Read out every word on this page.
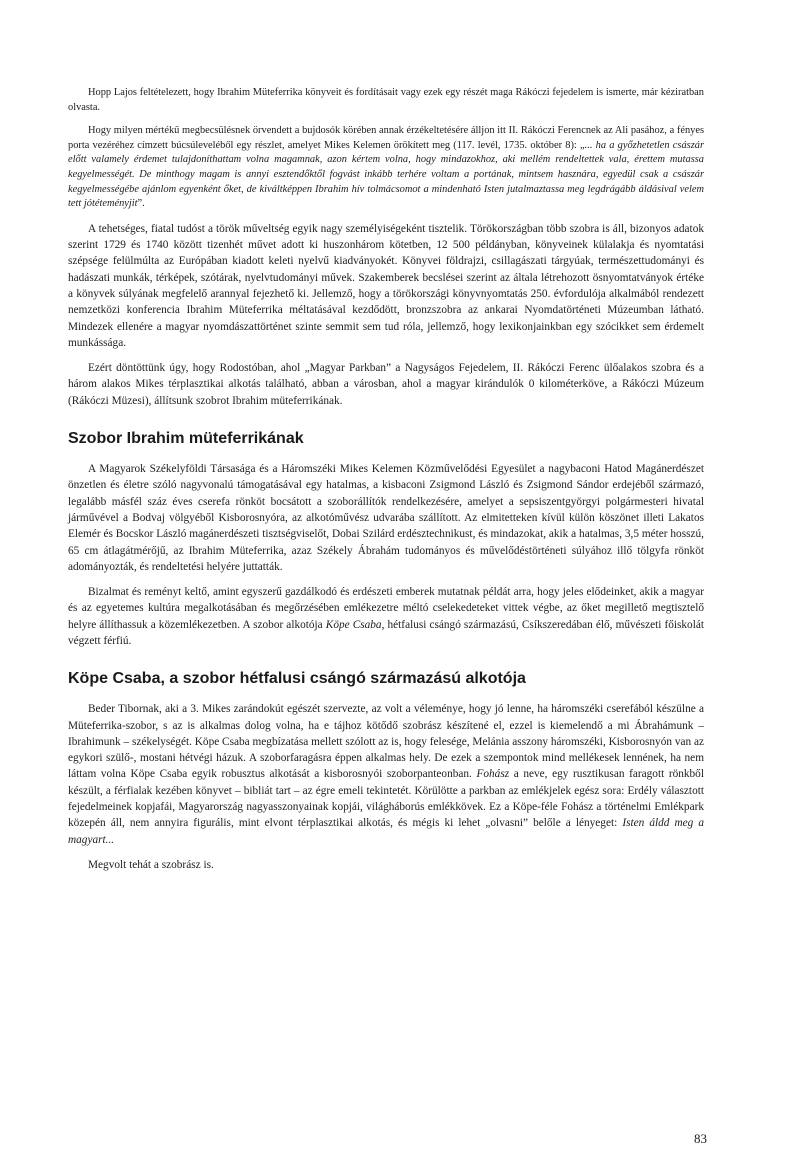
Hopp Lajos feltételezett, hogy Ibrahim Müteferrika könyveit és fordításait vagy ezek egy részét maga Rákóczi fejedelem is ismerte, már kéziratban olvasta.

Hogy milyen mértékű megbecsülésnek örvendett a bujdosók körében annak érzékeltetésére álljon itt II. Rákóczi Ferencnek az Ali pasához, a fényes porta vezéréhez címzett búcsúleveléből egy részlet, amelyet Mikes Kelemen örökített meg (117. levél, 1735. október 8): „... ha a győzhetetlen császár előtt valamely érdemet tulajdoníthattam volna magamnak, azon kértem volna, hogy mindazokhoz, aki mellém rendeltettek vala, érettem mutassa kegyelmességét. De minthogy magam is annyi esztendőktől fogvást inkább terhére voltam a portának, mintsem hasznára, egyedül csak a császár kegyelmességébe ajánlom egyenként őket, de kiváltképpen Ibrahim hív tolmácsomot a mindenható Isten jutalmaztassa meg legdrágább áldásival velem tett jótéteményjit”.

A tehetséges, fiatal tudóst a török műveltség egyik nagy személyiségeként tisztelik. Törökországban több szobra is áll, bizonyos adatok szerint 1729 és 1740 között tizenhét művet adott ki huszonhárom kötetben, 12 500 példányban, könyveinek külalakja és nyomtatási szépsége felülmúlta az Európában kiadott keleti nyelvű kiadványokét. Könyvei földrajzi, csillagászati tárgyúak, természettudományi és hadászati munkák, térképek, szótárak, nyelvtudományi művek. Szakemberek becslései szerint az általa létrehozott ösnyomtatványok értéke a könyvek súlyának megfelelő arannyal fejezhető ki. Jellemző, hogy a törökországi könyvnyomtatás 250. évfordulója alkalmából rendezett nemzetközi konferencia Ibrahim Müteferrika méltatásával kezdődött, bronzszobra az ankarai Nyomdatörténeti Múzeumban látható. Mindezek ellenére a magyar nyomdászattörténet szinte semmit sem tud róla, jellemző, hogy lexikonjainkban egy szócikket sem érdemelt munkássága.

Ezért döntöttünk úgy, hogy Rodostóban, ahol „Magyar Parkban” a Nagyságos Fejedelem, II. Rákóczi Ferenc ülőalakos szobra és a három alakos Mikes térplasztikai alkotás található, abban a városban, ahol a magyar kirándulók 0 kilométerköve, a Rákóczi Múzeum (Rákóczi Müzesi), állítsunk szobrot Ibrahim müteferrikának.

Szobor Ibrahim müteferrikának

A Magyarok Székelyföldi Társasága és a Háromszéki Mikes Kelemen Közművelődési Egyesület a nagybaconi Hatod Magánerdészet önzetlen és életre szóló nagyvonalú támogatásával egy hatalmas, a kisbaconi Zsigmond László és Zsigmond Sándor erdejéből származó, legalább másfél száz éves cserefa rönköt bocsátott a szoborállítók rendelkezésére, amelyet a sepsiszentgyörgyi polgármesteri hivatal járművével a Bodvaj völgyéből Kisborosnyóra, az alkotóművész udvarába szállított. Az elmitetteken kívül külön köszönet illeti Lakatos Elemér és Bocskor László magánerdészeti tisztségviselőt, Dobai Szilárd erdésztechnikust, és mindazokat, akik a hatalmas, 3,5 méter hosszú, 65 cm átlagátmérőjű, az Ibrahim Müteferrika, azaz Székely Ábrahám tudományos és művelődéstörténeti súlyához illő tölgyfa rönköt adományozták, és rendeltetési helyére juttatták.

Bizalmat és reményt keltő, amint egyszerű gazdálkodó és erdészeti emberek mutatnak példát arra, hogy jeles elődeinket, akik a magyar és az egyetemes kultúra megalkotásában és megőrzésében emlékezetre méltó cselekedeteket vittek végbe, az őket megillető megtisztelő helyre állíthassuk a közemlékezetben. A szobor alkotója Köpe Csaba, hétfalusi csángó származású, Csíkszeredában élő, művészeti főiskolát végzett férfiú.

Köpe Csaba, a szobor hétfalusi csángó származású alkotója

Beder Tibornak, aki a 3. Mikes zarándokút egészét szervezte, az volt a véleménye, hogy jó lenne, ha háromszéki cserefából készülne a Müteferrika-szobor, s az is alkalmas dolog volna, ha e tájhoz kötődő szobrász készítené el, ezzel is kiemelendő a mi Ábrahámunk – Ibrahimunk – székelységét. Köpe Csaba megbízatása mellett szólott az is, hogy felesége, Melánia asszony háromszéki, Kisborosnyón van az egykori szülő-, mostani hétvégi házuk. A szoborfaragásra éppen alkalmas hely. De ezek a szempontok mind mellékesek lennének, ha nem láttam volna Köpe Csaba egyik robusztus alkotását a kisborosnyói szoborpanteonban. Fohász a neve, egy rusztikusan faragott rönkből készült, a férfialak kezében könyvet – bibliát tart – az égre emeli tekintetét. Körülötte a parkban az emlékjelek egész sora: Erdély választott fejedelmeinek kopjafái, Magyarország nagyasszonyainak kopjái, világháborús emlékkövek. Ez a Köpe-féle Fohász a történelmi Emlékpark közepén áll, nem annyira figurális, mint elvont térplasztikai alkotás, és mégis ki lehet „olvasni” belőle a lényeget: Isten áldd meg a magyart...

Megvolt tehát a szobrász is.

83
